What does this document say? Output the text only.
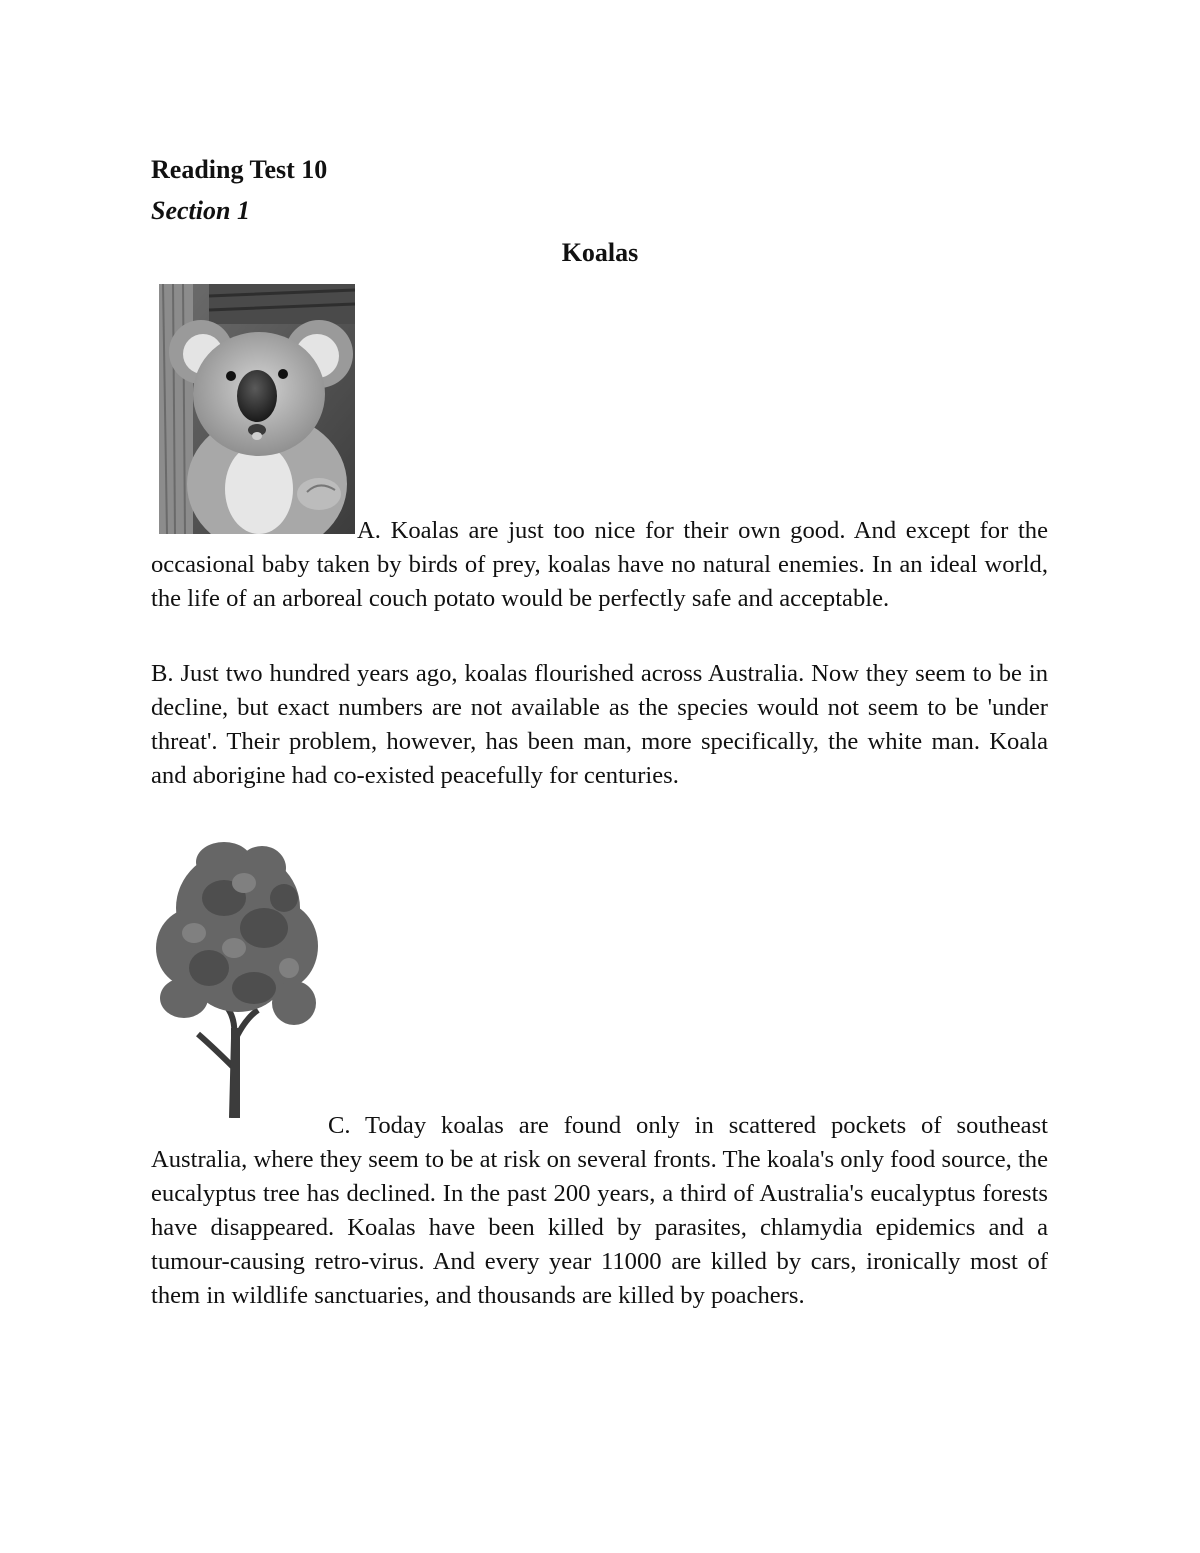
Reading Test 10
Section 1
Koalas

A. Koalas are just too nice for their own good. And except for the occasional baby taken by birds of prey, koalas have no natural enemies. In an ideal world, the life of an arboreal couch potato would be perfectly safe and acceptable.

B. Just two hundred years ago, koalas flourished across Australia. Now they seem to be in decline, but exact numbers are not available as the species would not seem to be 'under threat'. Their problem, however, has been man, more specifically, the white man. Koala and aborigine had co-existed peacefully for centuries.

C. Today koalas are found only in scattered pockets of southeast Australia, where they seem to be at risk on several fronts. The koala's only food source, the eucalyptus tree has declined. In the past 200 years, a third of Australia's eucalyptus forests have disappeared. Koalas have been killed by parasites, chlamydia epidemics and a tumour-causing retro-virus. And every year 11000 are killed by cars, ironically most of them in wildlife sanctuaries, and thousands are killed by poachers.
